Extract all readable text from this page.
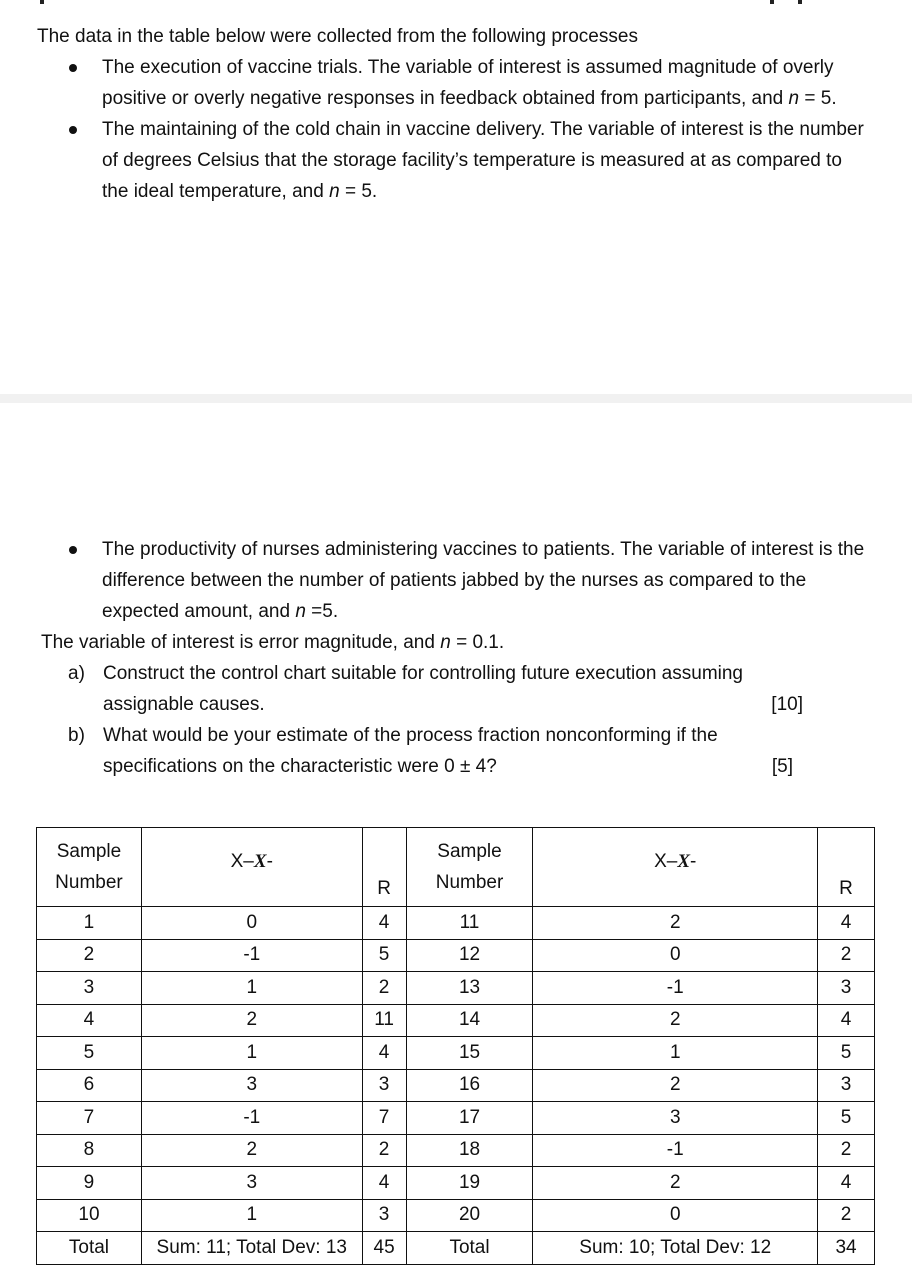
The data in the table below were collected from the following processes
The execution of vaccine trials. The variable of interest is assumed magnitude of overly positive or overly negative responses in feedback obtained from participants, and n = 5.
The maintaining of the cold chain in vaccine delivery. The variable of interest is the number of degrees Celsius that the storage facility’s temperature is measured at as compared to the ideal temperature, and n = 5.
The productivity of nurses administering vaccines to patients. The variable of interest is the difference between the number of patients jabbed by the nurses as compared to the expected amount, and n =5.
The variable of interest is error magnitude, and n = 0.1.
a) Construct the control chart suitable for controlling future execution assuming assignable causes.	[10]
b) What would be your estimate of the process fraction nonconforming if the specifications on the characteristic were 0 ± 4?	[5]
Sample Number	X–X-	R	Sample Number	X–X-	R
1	0	4	11	2	4
2	-1	5	12	0	2
3	1	2	13	-1	3
4	2	11	14	2	4
5	1	4	15	1	5
6	3	3	16	2	3
7	-1	7	17	3	5
8	2	2	18	-1	2
9	3	4	19	2	4
10	1	3	20	0	2
Total	Sum: 11; Total Dev: 13	45	Total	Sum: 10; Total Dev: 12	34
